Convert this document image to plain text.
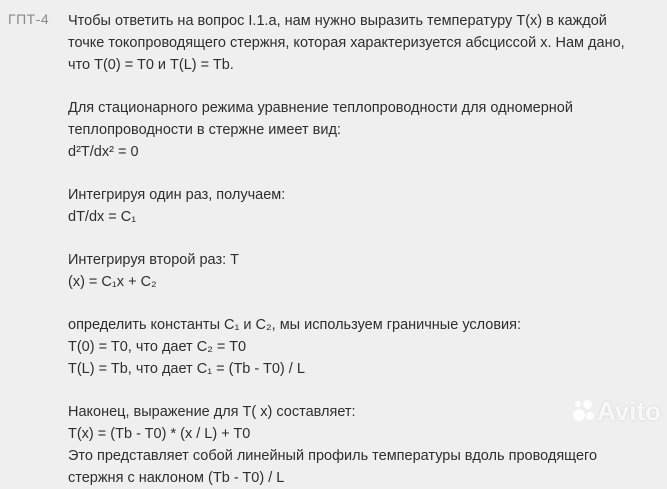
ГПТ-4 Чтобы ответить на вопрос I.1.a, нам нужно выразить температуру T(x) в каждой
точке токопроводящего стержня, которая характеризуется абсциссой x. Нам дано,
что T(0) = T0 и T(L) = Tb.
Для стационарного режима уравнение теплопроводности для одномерной
теплопроводности в стержне имеет вид:
d²T/dx² = 0
Интегрируя один раз, получаем:
dT/dx = C₁
Интегрируя второй раз: T
(x) = C₁x + C₂
определить константы C₁ и C₂, мы используем граничные условия:
T(0) = T0, что дает C₂ = T0
T(L) = Tb, что дает C₁ = (Tb - T0) / L
Наконец, выражение для T( x) составляет:
T(x) = (Tb - T0) * (x / L) + T0
Это представляет собой линейный профиль температуры вдоль проводящего
стержня с наклоном (Tb - T0) / L
Avito
